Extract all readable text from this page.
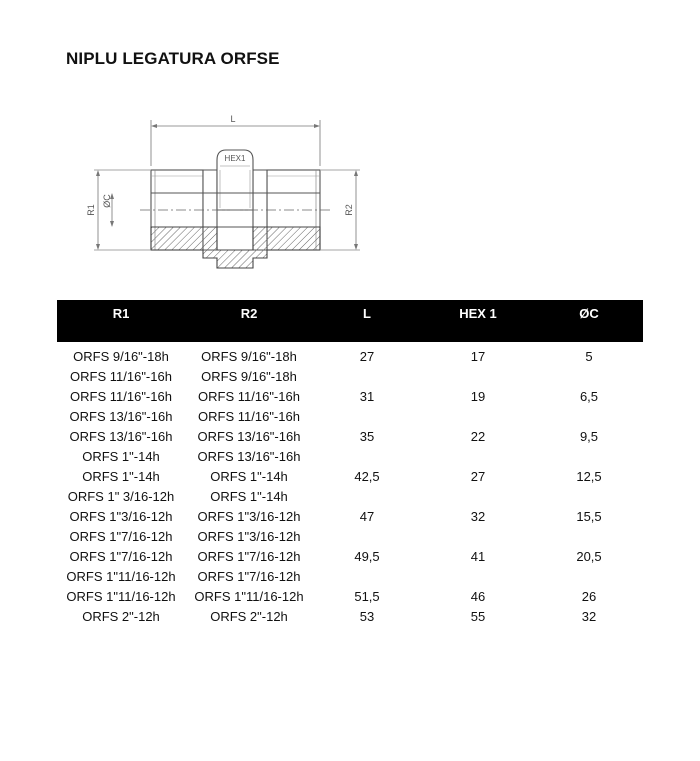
NIPLU LEGATURA ORFSE
L
HEX1
R1
ØC
R2
R1	R2	L	HEX 1	ØC
ORFS 9/16"-18h	ORFS 9/16"-18h	27	17	5
ORFS 11/16"-16h	ORFS 9/16"-18h			
ORFS 11/16"-16h	ORFS 11/16"-16h	31	19	6,5
ORFS 13/16"-16h	ORFS 11/16"-16h			
ORFS 13/16"-16h	ORFS 13/16"-16h	35	22	9,5
ORFS 1"-14h	ORFS 13/16"-16h			
ORFS 1"-14h	ORFS 1"-14h	42,5	27	12,5
ORFS 1" 3/16-12h	ORFS 1"-14h			
ORFS 1"3/16-12h	ORFS 1"3/16-12h	47	32	15,5
ORFS 1"7/16-12h	ORFS 1"3/16-12h			
ORFS 1"7/16-12h	ORFS 1"7/16-12h	49,5	41	20,5
ORFS 1"11/16-12h	ORFS 1"7/16-12h			
ORFS 1"11/16-12h	ORFS 1"11/16-12h	51,5	46	26
ORFS 2"-12h	ORFS 2"-12h	53	55	32
